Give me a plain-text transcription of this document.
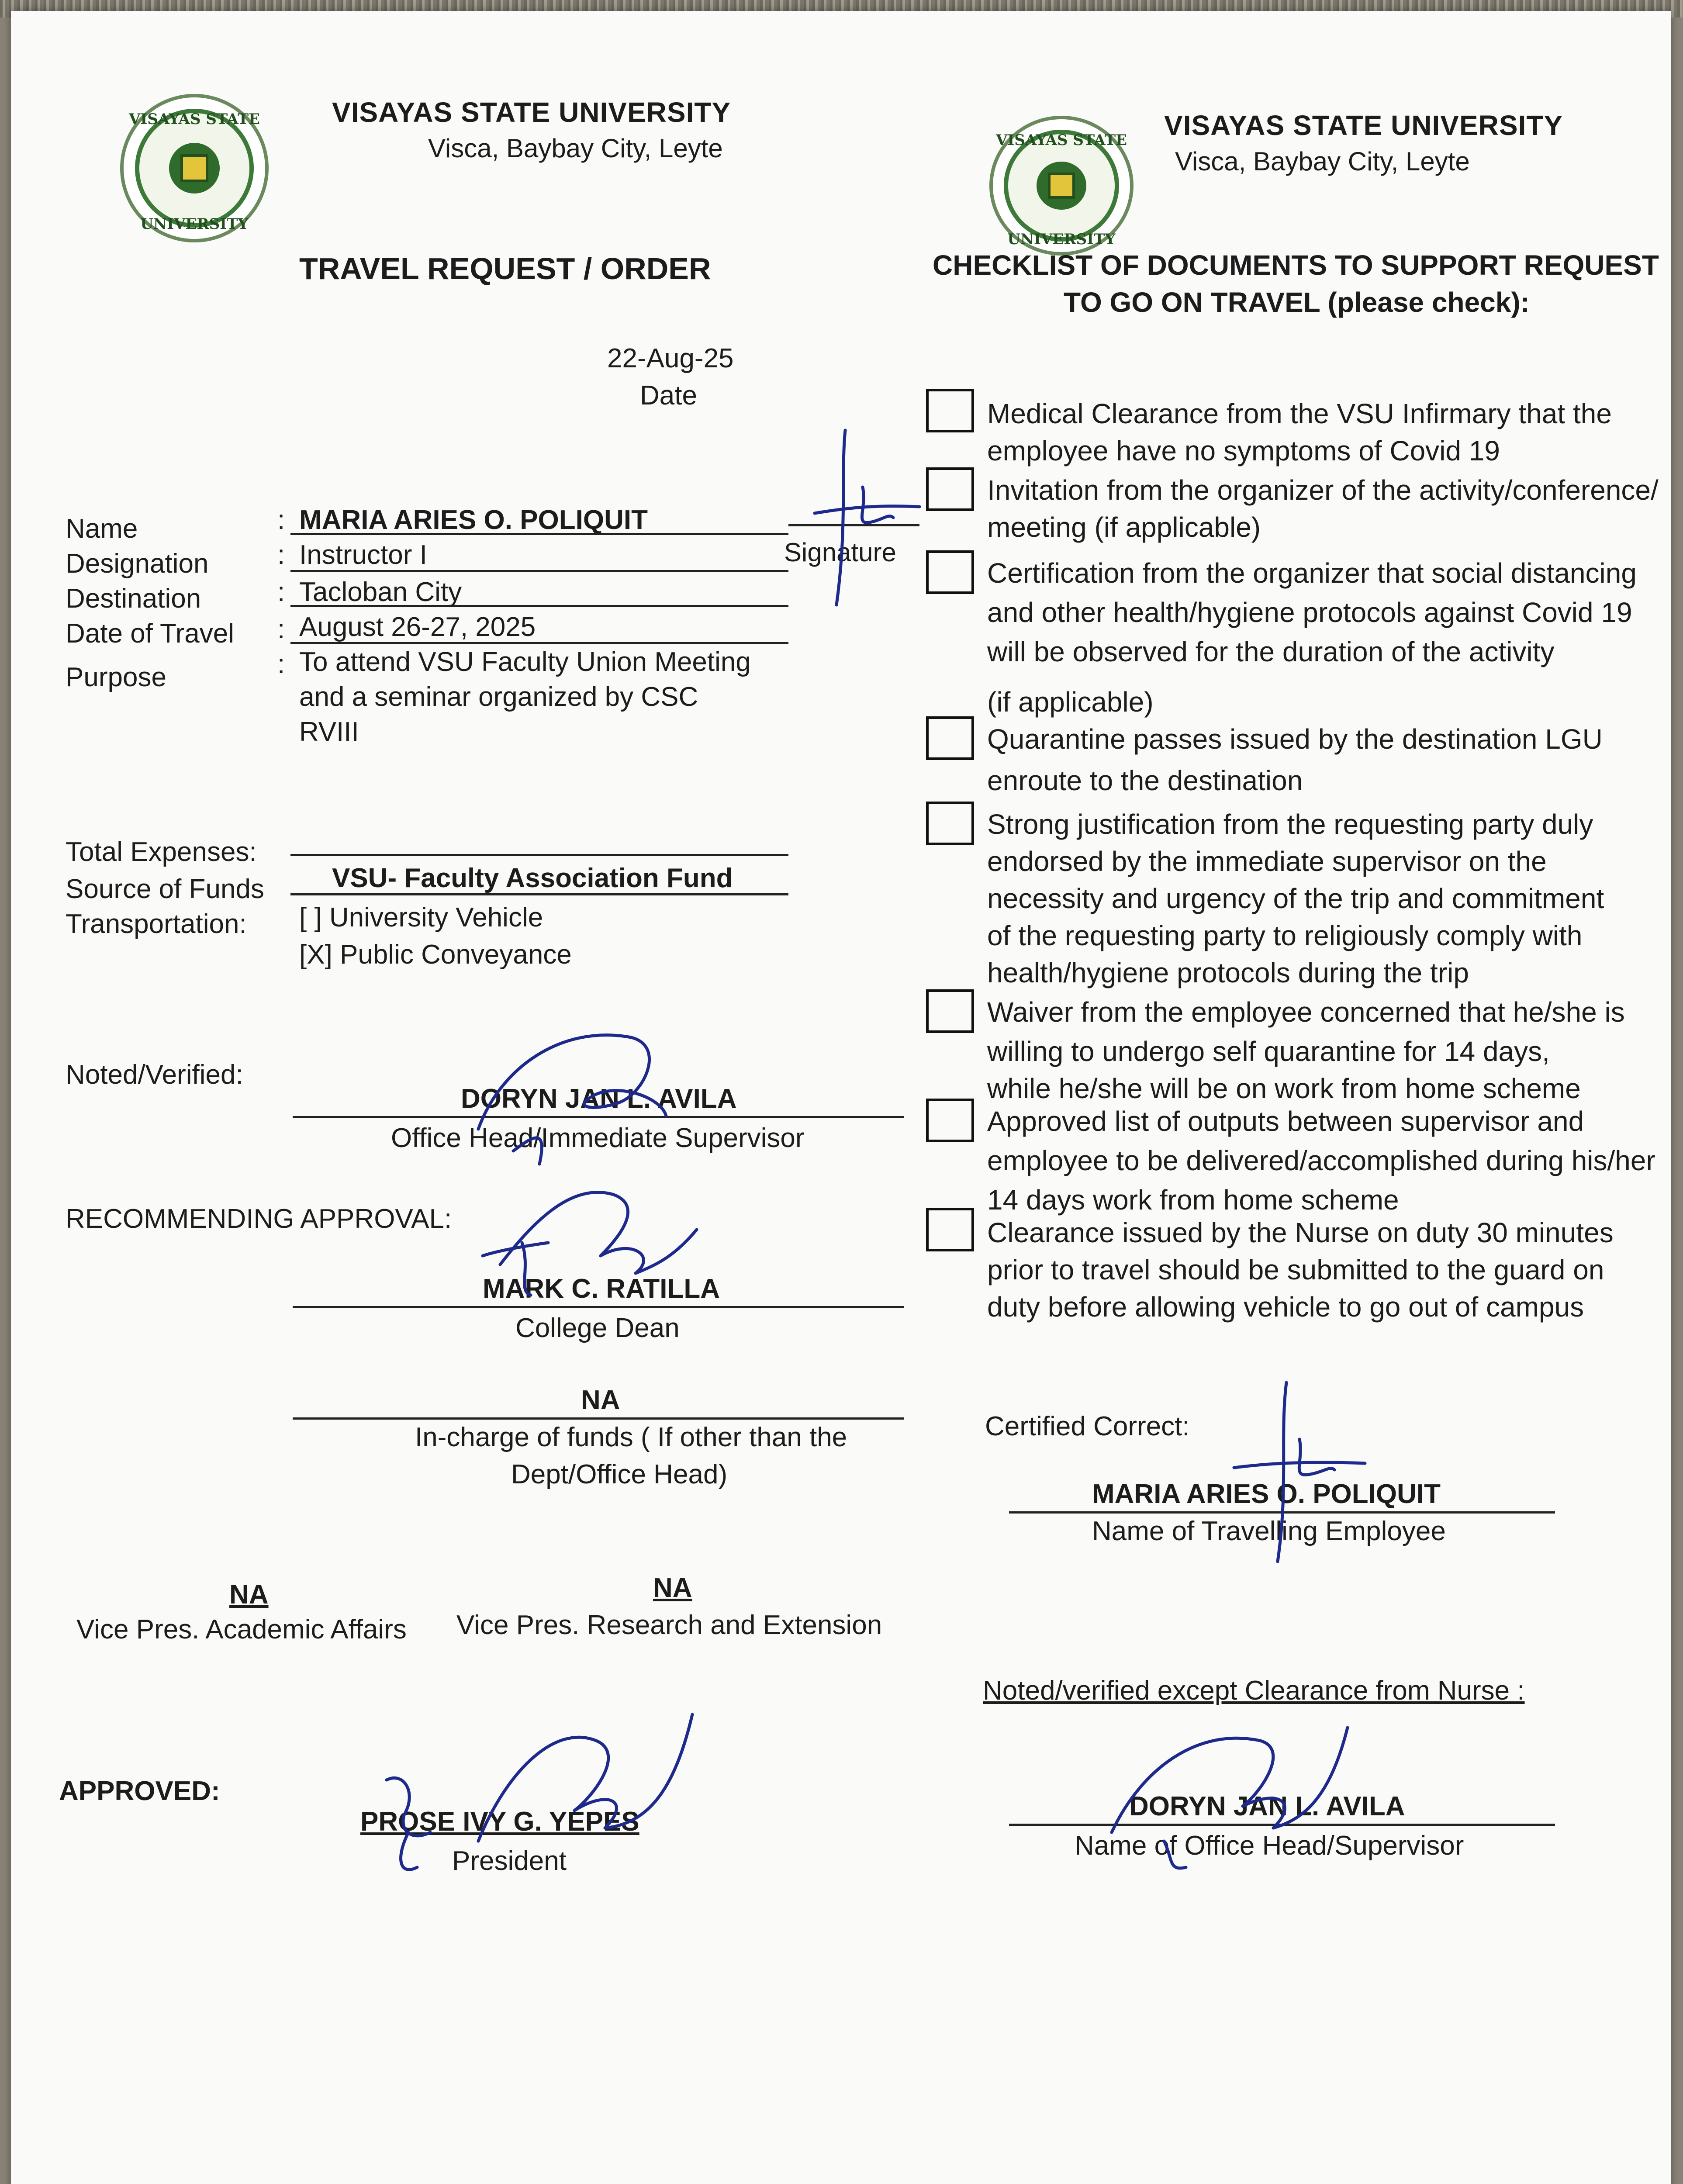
VISAYAS STATE
UNIVERSITY
VISAYAS STATE UNIVERSITY
Visca, Baybay City, Leyte
TRAVEL REQUEST / ORDER
22-Aug-25
Date
Name	: MARIA ARIES O. POLIQUIT
Signature
Designation	: Instructor I
Destination	: Tacloban City
Date of Travel : August 26-27, 2025
Purpose	: To attend VSU Faculty Union Meeting
and a seminar organized by CSC
RVIII
Total Expenses:
Source of Funds	VSU- Faculty Association Fund
Transportation: [ ] University Vehicle
[X] Public Conveyance
Noted/Verified:
DORYN JAN L. AVILA
Office Head/Immediate Supervisor
RECOMMENDING APPROVAL:
MARK C. RATILLA
College Dean
NA
In-charge of funds ( If other than the
Dept/Office Head)
NA
Vice Pres. Academic Affairs
NA
Vice Pres. Research and Extension
APPROVED:
PROSE IVY G. YEPES
President
VISAYAS STATE
UNIVERSITY
VISAYAS STATE UNIVERSITY
Visca, Baybay City, Leyte
CHECKLIST OF DOCUMENTS TO SUPPORT REQUEST
TO GO ON TRAVEL (please check):
Medical Clearance from the VSU Infirmary that the
employee have no symptoms of Covid 19
Invitation from the organizer of the activity/conference/
meeting (if applicable)
Certification from the organizer that social distancing
and other health/hygiene protocols against Covid 19
will be observed for the duration of the activity
(if applicable)
Quarantine passes issued by the destination LGU
enroute to the destination
Strong justification from the requesting party duly
endorsed by the immediate supervisor on the
necessity and urgency of the trip and commitment
of the requesting party to religiously comply with
health/hygiene protocols during the trip
Waiver from the employee concerned that he/she is
willing to undergo self quarantine for 14 days,
while he/she will be on work from home scheme
Approved list of outputs between supervisor and
employee to be delivered/accomplished during his/her
14 days work from home scheme
Clearance issued by the Nurse on duty 30 minutes
prior to travel should be submitted to the guard on
duty before allowing vehicle to go out of campus
Certified Correct:
MARIA ARIES O. POLIQUIT
Name of Travelling Employee
Noted/verified except Clearance from Nurse :
DORYN JAN L. AVILA
Name of Office Head/Supervisor
